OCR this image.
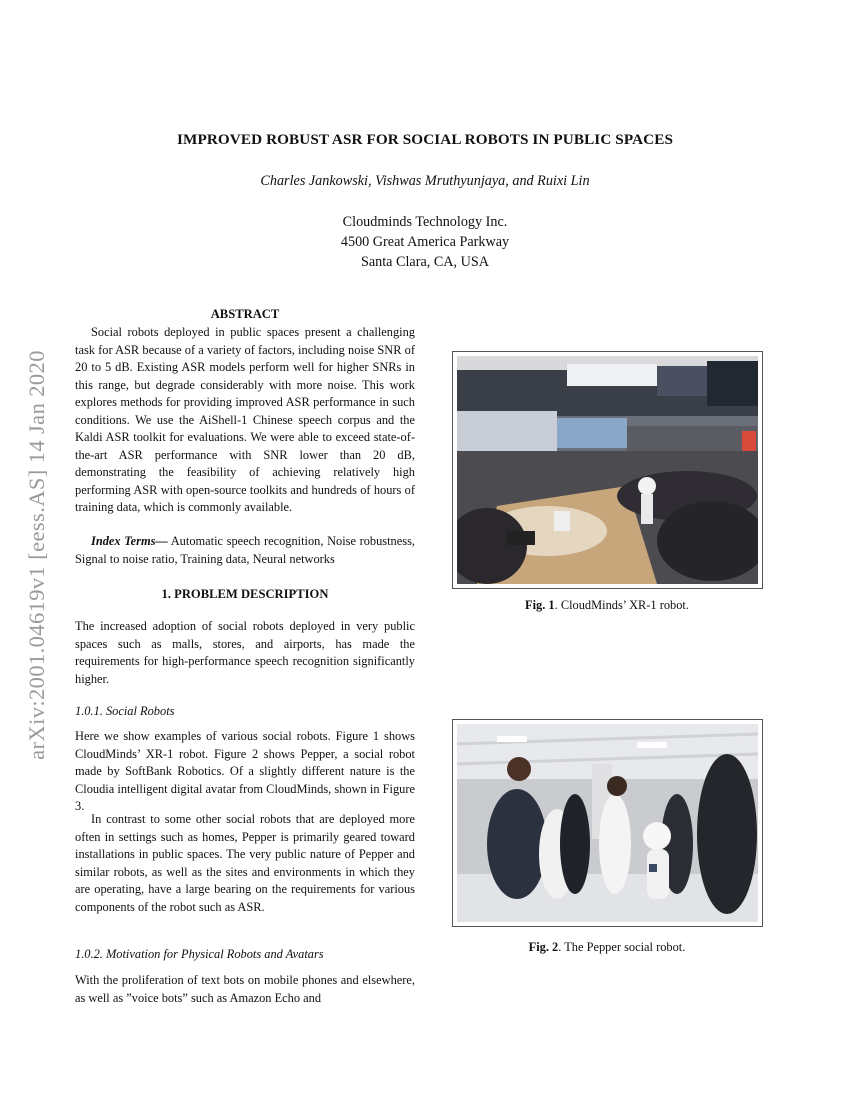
IMPROVED ROBUST ASR FOR SOCIAL ROBOTS IN PUBLIC SPACES
Charles Jankowski, Vishwas Mruthyunjaya, and Ruixi Lin
Cloudminds Technology Inc.
4500 Great America Parkway
Santa Clara, CA, USA
arXiv:2001.04619v1 [eess.AS] 14 Jan 2020
ABSTRACT

Social robots deployed in public spaces present a challenging task for ASR because of a variety of factors, including noise SNR of 20 to 5 dB. Existing ASR models perform well for higher SNRs in this range, but degrade considerably with more noise. This work explores methods for providing improved ASR performance in such conditions. We use the AiShell-1 Chinese speech corpus and the Kaldi ASR toolkit for evaluations. We were able to exceed state-of-the-art ASR performance with SNR lower than 20 dB, demonstrating the feasibility of achieving relatively high performing ASR with open-source toolkits and hundreds of hours of training data, which is commonly available.

Index Terms— Automatic speech recognition, Noise robustness, Signal to noise ratio, Training data, Neural networks

1. PROBLEM DESCRIPTION

The increased adoption of social robots deployed in very public spaces such as malls, stores, and airports, has made the requirements for high-performance speech recognition significantly higher.

1.0.1. Social Robots

Here we show examples of various social robots. Figure 1 shows CloudMinds’ XR-1 robot. Figure 2 shows Pepper, a social robot made by SoftBank Robotics. Of a slightly different nature is the Cloudia intelligent digital avatar from CloudMinds, shown in Figure 3.

In contrast to some other social robots that are deployed more often in settings such as homes, Pepper is primarily geared toward installations in public spaces. The very public nature of Pepper and similar robots, as well as the sites and environments in which they are operating, have a large bearing on the requirements for various components of the robot such as ASR.

1.0.2. Motivation for Physical Robots and Avatars

With the proliferation of text bots on mobile phones and elsewhere, as well as ”voice bots” such as Amazon Echo and

Fig. 1. CloudMinds’ XR-1 robot.
Fig. 2. The Pepper social robot.
